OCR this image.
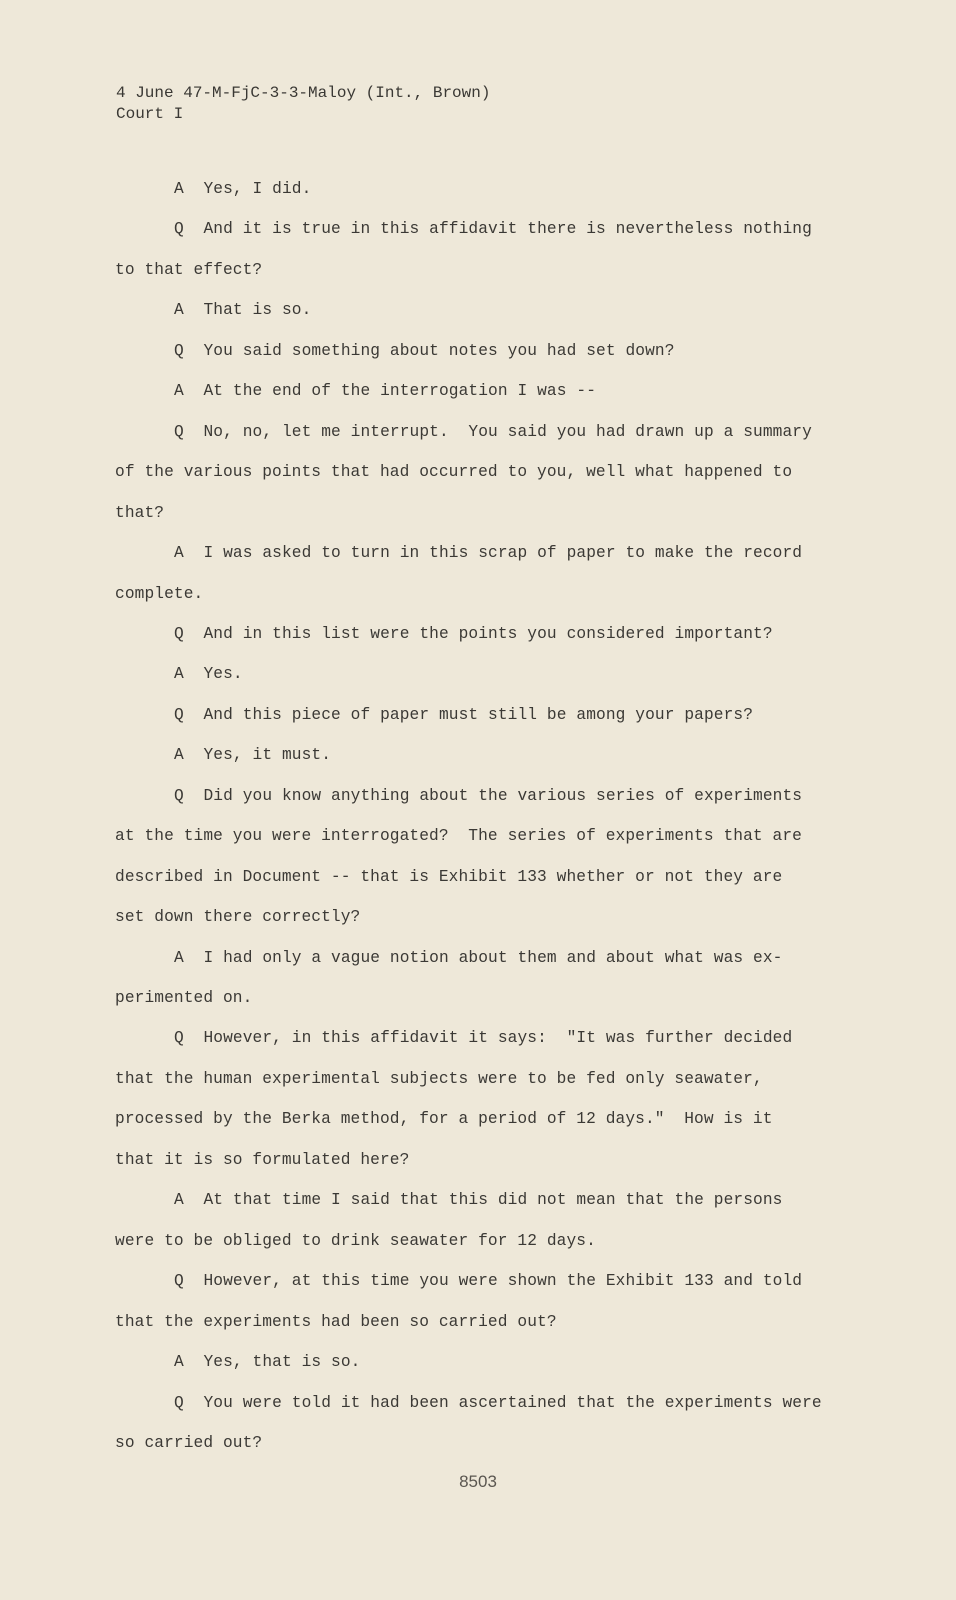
4 June 47-M-FjC-3-3-Maloy (Int., Brown)
Court I
A  Yes, I did.
Q  And it is true in this affidavit there is nevertheless nothing
to that effect?
A  That is so.
Q  You said something about notes you had set down?
A  At the end of the interrogation I was --
Q  No, no, let me interrupt.  You said you had drawn up a summary
of the various points that had occurred to you, well what happened to
that?
A  I was asked to turn in this scrap of paper to make the record
complete.
Q  And in this list were the points you considered important?
A  Yes.
Q  And this piece of paper must still be among your papers?
A  Yes, it must.
Q  Did you know anything about the various series of experiments
at the time you were interrogated?  The series of experiments that are
described in Document -- that is Exhibit 133 whether or not they are
set down there correctly?
A  I had only a vague notion about them and about what was ex-
perimented on.
Q  However, in this affidavit it says:  "It was further decided
that the human experimental subjects were to be fed only seawater,
processed by the Berka method, for a period of 12 days."  How is it
that it is so formulated here?
A  At that time I said that this did not mean that the persons
were to be obliged to drink seawater for 12 days.
Q  However, at this time you were shown the Exhibit 133 and told
that the experiments had been so carried out?
A  Yes, that is so.
Q  You were told it had been ascertained that the experiments were
so carried out?
8503
